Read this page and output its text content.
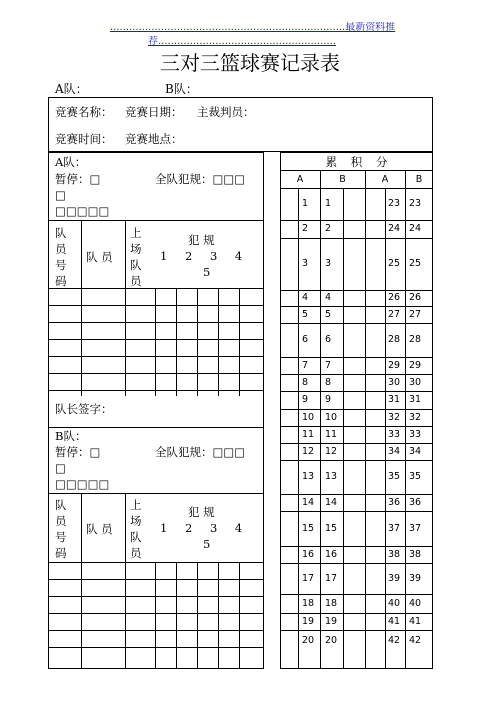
..........................................................................最新资料推
荐........................................................
三对三篮球赛记录表
A队：	B队：
竞赛名称： 竞赛日期： 主裁判员：
竞赛时间： 竞赛地点：
A队：
暂停：□	全队犯规：□□□
□
□□□□□
队员号码
队 员
上场队员
犯 规
1 2 3 4
5
队长签字：
B队：
暂停：□	全队犯规：□□□
□
□□□□□
队员号码
队 员
上场队员
犯 规
1 2 3 4
5
累 积 分
A	B	A	B
1 1	23 23
2 2	24 24
3 3	25 25
4 4	26 26
5 5	27 27
6 6	28 28
7 7	29 29
8 8	30 30
9 9	31 31
10 10	32 32
11 11	33 33
12 12	34 34
13 13	35 35
14 14	36 36
15 15	37 37
16 16	38 38
17 17	39 39
18 18	40 40
19 19	41 41
20 20	42 42
